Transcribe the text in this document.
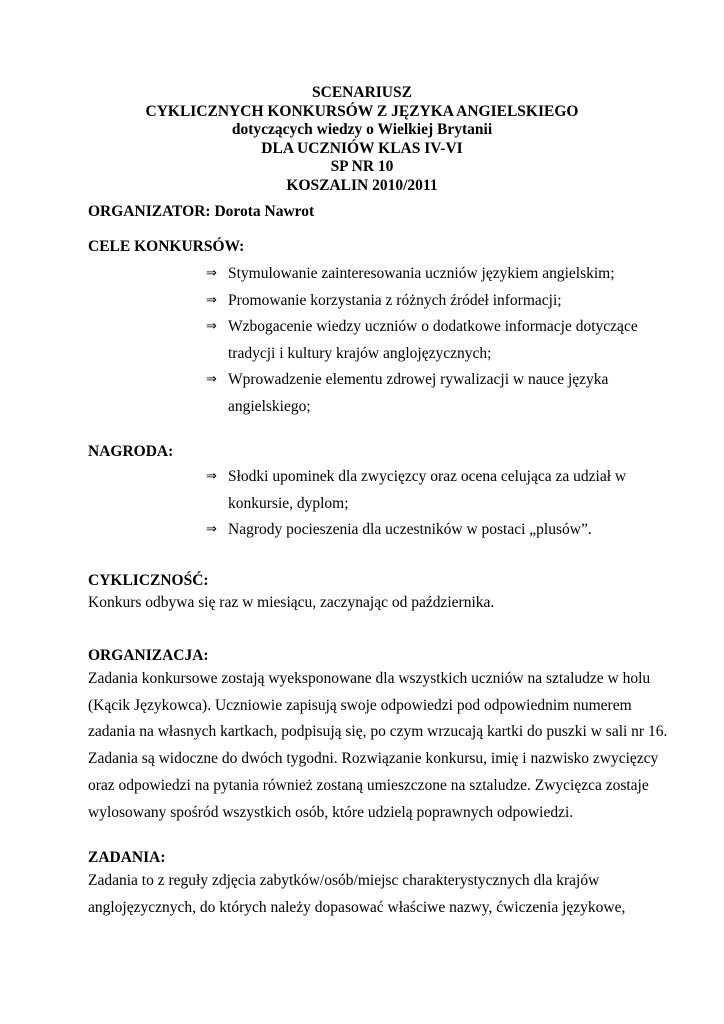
SCENARIUSZ
CYKLICZNYCH KONKURSÓW Z JĘZYKA ANGIELSKIEGO
dotyczących wiedzy o Wielkiej Brytanii
DLA UCZNIÓW KLAS IV-VI
SP NR 10
KOSZALIN 2010/2011
ORGANIZATOR: Dorota Nawrot
CELE KONKURSÓW:
⇒ Stymulowanie zainteresowania uczniów językiem angielskim;
⇒ Promowanie korzystania z różnych źródeł informacji;
⇒ Wzbogacenie wiedzy uczniów o dodatkowe informacje dotyczące tradycji i kultury krajów anglojęzycznych;
⇒ Wprowadzenie elementu zdrowej rywalizacji w nauce języka angielskiego;
NAGRODA:
⇒ Słodki upominek dla zwycięzcy oraz ocena celująca za udział w konkursie, dyplom;
⇒ Nagrody pocieszenia dla uczestników w postaci „plusów”.
CYKLICZNOŚĆ:
Konkurs odbywa się raz w miesiącu, zaczynając od października.
ORGANIZACJA:
Zadania konkursowe zostają wyeksponowane dla wszystkich uczniów na sztaludze w holu
(Kącik Językowca). Uczniowie zapisują swoje odpowiedzi pod odpowiednim numerem
zadania na własnych kartkach, podpisują się, po czym wrzucają kartki do puszki w sali nr 16.
Zadania są widoczne do dwóch tygodni. Rozwiązanie konkursu, imię i nazwisko zwycięzcy
oraz odpowiedzi na pytania również zostaną umieszczone na sztaludze. Zwycięzca zostaje
wylosowany spośród wszystkich osób, które udzielą poprawnych odpowiedzi.
ZADANIA:
Zadania to z reguły zdjęcia zabytków/osób/miejsc charakterystycznych dla krajów
anglojęzycznych, do których należy dopasować właściwe nazwy, ćwiczenia językowe,
